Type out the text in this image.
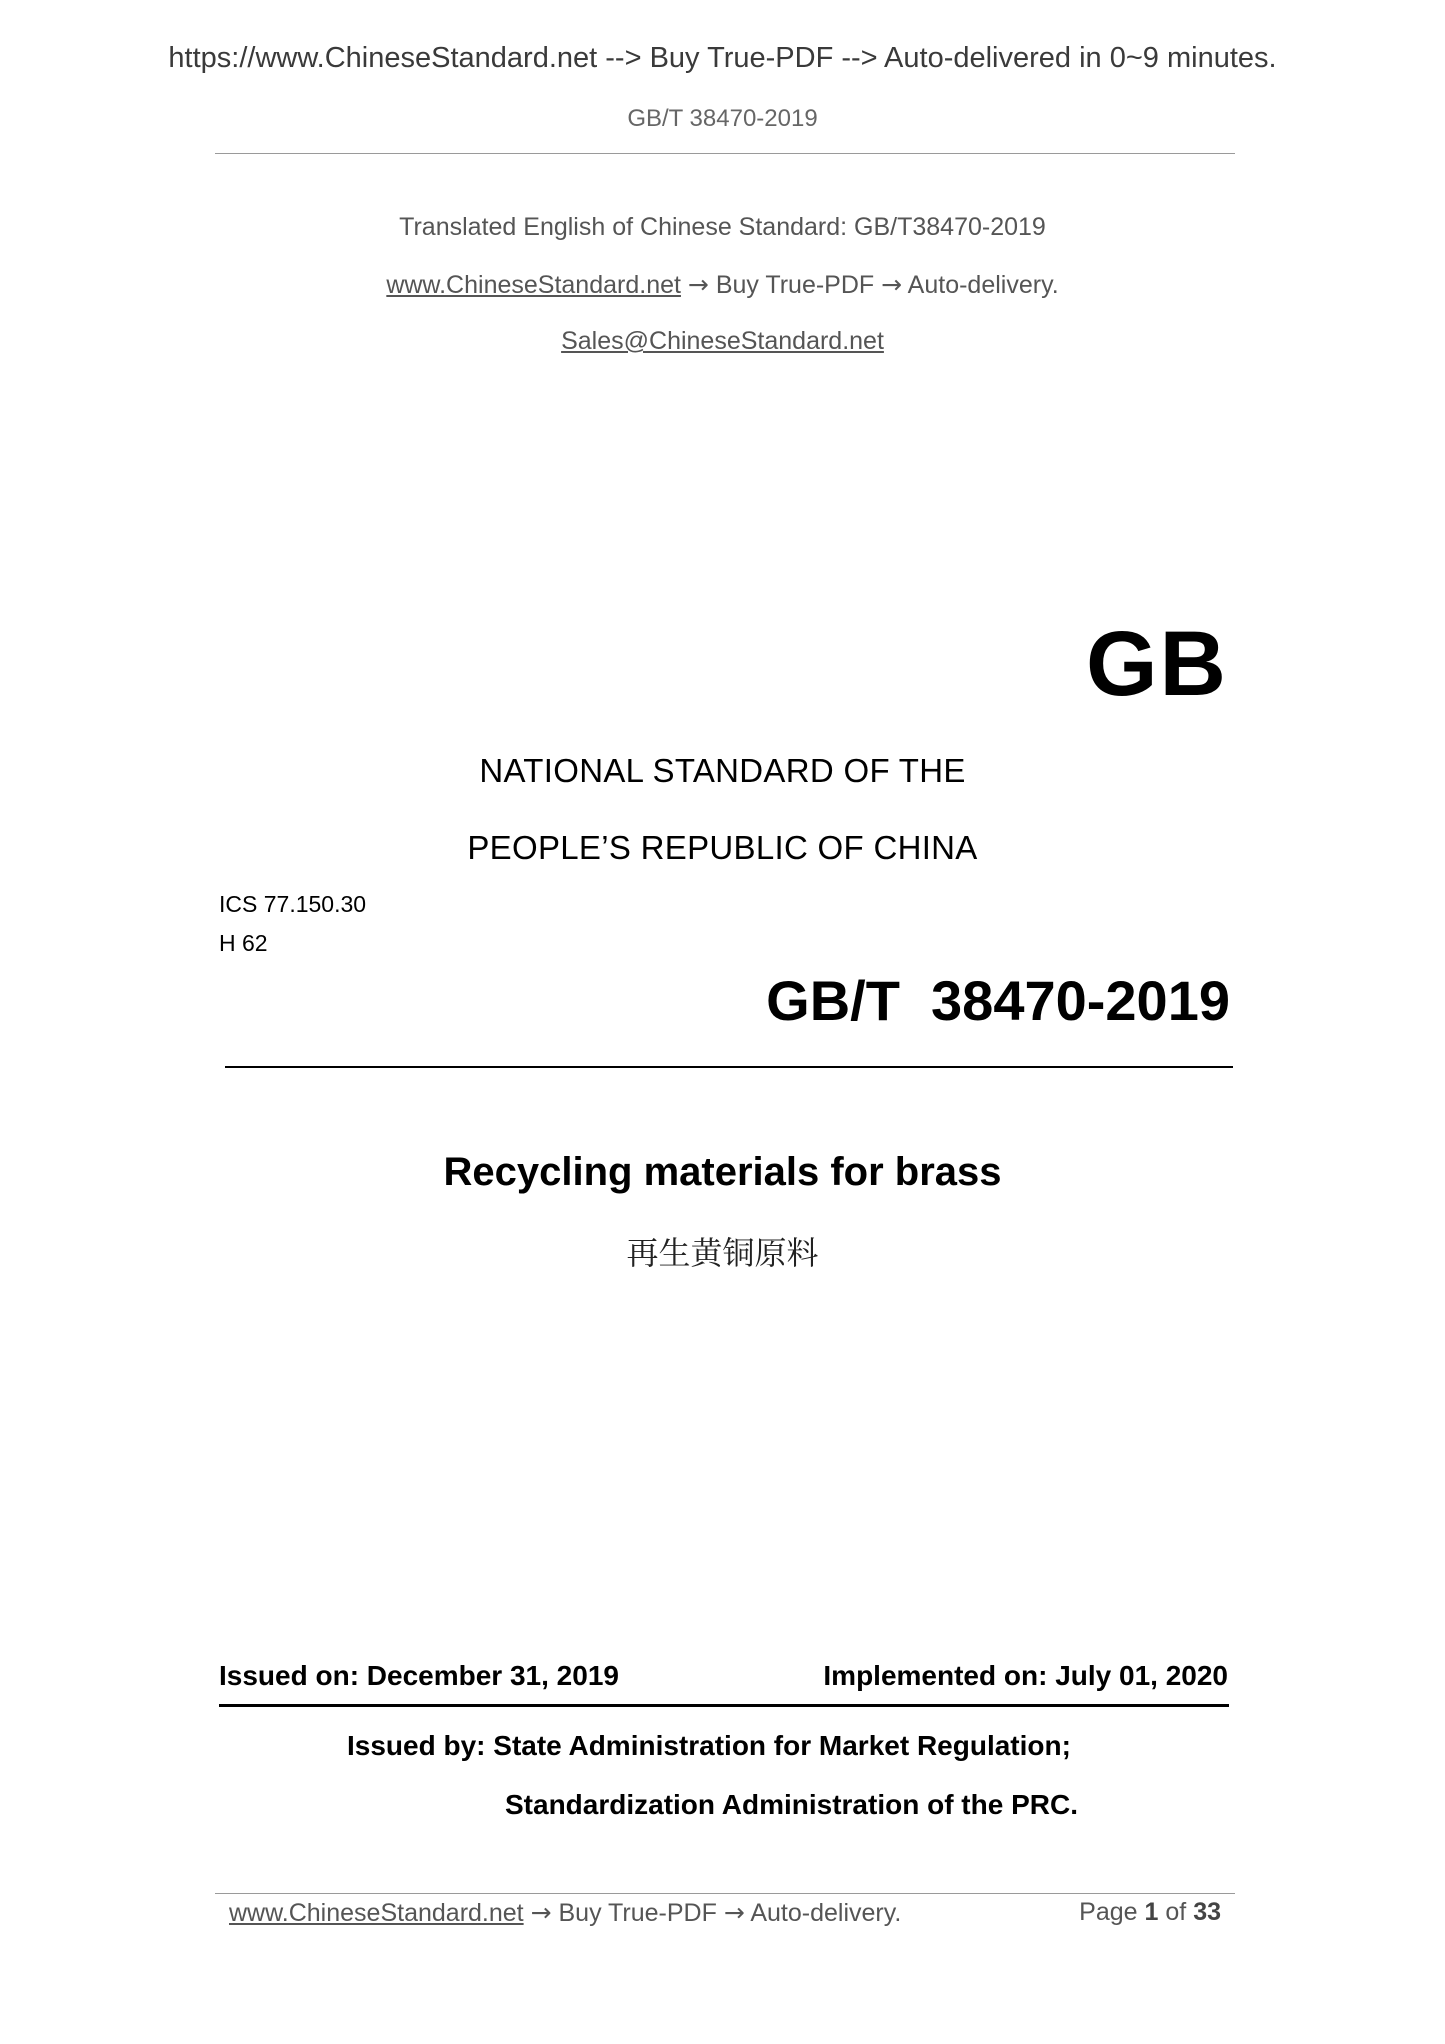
https://www.ChineseStandard.net --> Buy True-PDF --> Auto-delivered in 0~9 minutes.
GB/T 38470-2019
Translated English of Chinese Standard: GB/T38470-2019
www.ChineseStandard.net → Buy True-PDF → Auto-delivery.
Sales@ChineseStandard.net
GB
NATIONAL STANDARD OF THE
PEOPLE’S REPUBLIC OF CHINA
ICS 77.150.30
H 62
GB/T  38470-2019
Recycling materials for brass
再生黄铜原料
Issued on: December 31, 2019	Implemented on: July 01, 2020
Issued by: State Administration for Market Regulation;
Standardization Administration of the PRC.
www.ChineseStandard.net → Buy True-PDF → Auto-delivery.	Page 1 of 33
